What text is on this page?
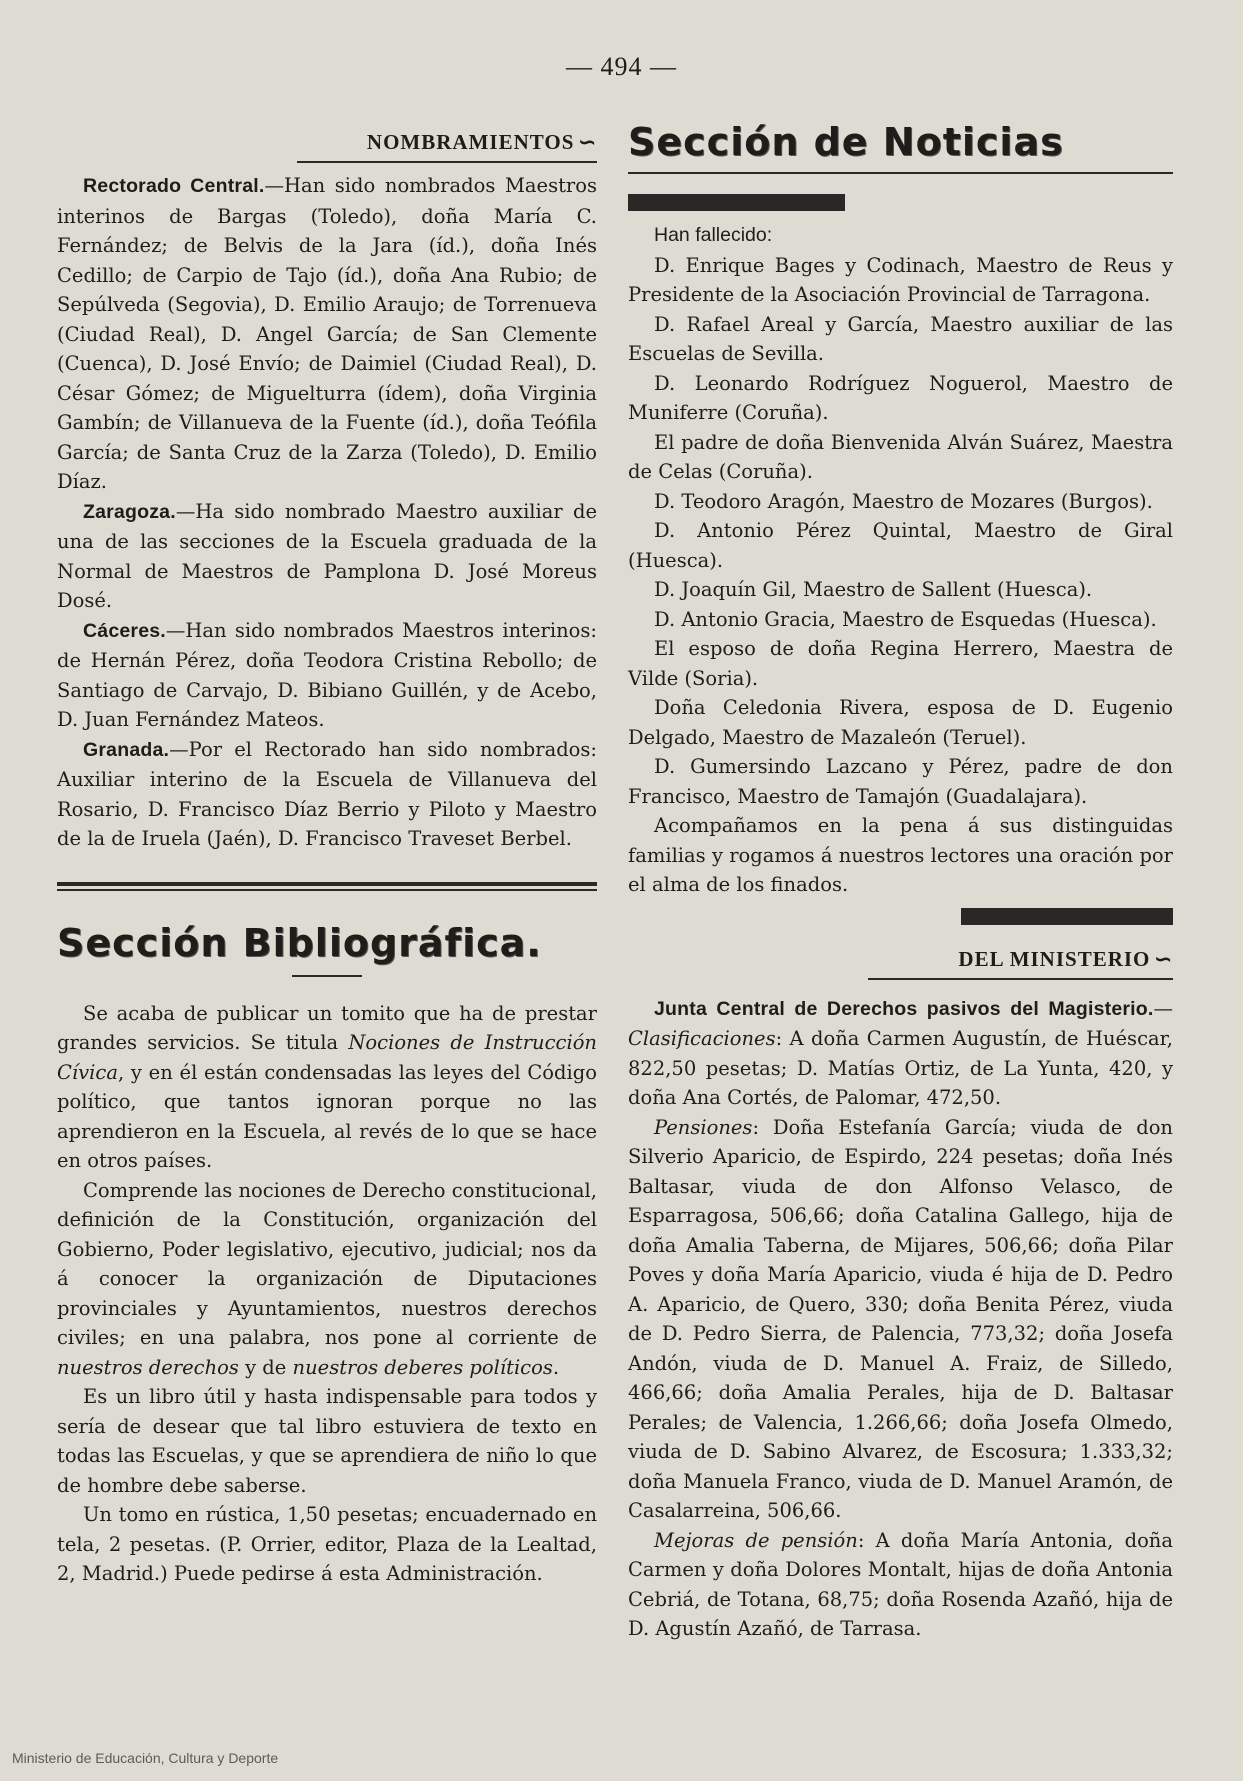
— 494 —
NOMBRAMIENTOS ∽

Rectorado Central.—Han sido nombrados Maestros interinos de Bargas (Toledo), doña María C. Fernández; de Belvis de la Jara (íd.), doña Inés Cedillo; de Carpio de Tajo (íd.), doña Ana Rubio; de Sepúlveda (Segovia), D. Emilio Araujo; de Torrenueva (Ciudad Real), D. Angel García; de San Clemente (Cuenca), D. José Envío; de Daimiel (Ciudad Real), D. César Gómez; de Miguelturra (ídem), doña Virginia Gambín; de Villanueva de la Fuente (íd.), doña Teófila García; de Santa Cruz de la Zarza (Toledo), D. Emilio Díaz.

Zaragoza.—Ha sido nombrado Maestro auxiliar de una de las secciones de la Escuela graduada de la Normal de Maestros de Pamplona D. José Moreus Dosé.

Cáceres.—Han sido nombrados Maestros interinos: de Hernán Pérez, doña Teodora Cristina Rebollo; de Santiago de Carvajo, D. Bibiano Guillén, y de Acebo, D. Juan Fernández Mateos.

Granada.—Por el Rectorado han sido nombrados: Auxiliar interino de la Escuela de Villanueva del Rosario, D. Francisco Díaz Berrio y Piloto y Maestro de la de Iruela (Jaén), D. Francisco Traveset Berbel.

Sección Bibliográfica.

Se acaba de publicar un tomito que ha de prestar grandes servicios. Se titula Nociones de Instrucción Cívica, y en él están condensadas las leyes del Código político, que tantos ignoran porque no las aprendieron en la Escuela, al revés de lo que se hace en otros países.

Comprende las nociones de Derecho constitucional, definición de la Constitución, organización del Gobierno, Poder legislativo, ejecutivo, judicial; nos da á conocer la organización de Diputaciones provinciales y Ayuntamientos, nuestros derechos civiles; en una palabra, nos pone al corriente de nuestros derechos y de nuestros deberes políticos.

Es un libro útil y hasta indispensable para todos y sería de desear que tal libro estuviera de texto en todas las Escuelas, y que se aprendiera de niño lo que de hombre debe saberse.

Un tomo en rústica, 1,50 pesetas; encuadernado en tela, 2 pesetas. (P. Orrier, editor, Plaza de la Lealtad, 2, Madrid.) Puede pedirse á esta Administración.

Sección de Noticias

Han fallecido:

D. Enrique Bages y Codinach, Maestro de Reus y Presidente de la Asociación Provincial de Tarragona.

D. Rafael Areal y García, Maestro auxiliar de las Escuelas de Sevilla.

D. Leonardo Rodríguez Noguerol, Maestro de Muniferre (Coruña).

El padre de doña Bienvenida Alván Suárez, Maestra de Celas (Coruña).

D. Teodoro Aragón, Maestro de Mozares (Burgos).

D. Antonio Pérez Quintal, Maestro de Giral (Huesca).

D. Joaquín Gil, Maestro de Sallent (Huesca).

D. Antonio Gracia, Maestro de Esquedas (Huesca).

El esposo de doña Regina Herrero, Maestra de Vilde (Soria).

Doña Celedonia Rivera, esposa de D. Eugenio Delgado, Maestro de Mazaleón (Teruel).

D. Gumersindo Lazcano y Pérez, padre de don Francisco, Maestro de Tamajón (Guadalajara).

Acompañamos en la pena á sus distinguidas familias y rogamos á nuestros lectores una oración por el alma de los finados.

DEL MINISTERIO ∽

Junta Central de Derechos pasivos del Magisterio.— Clasificaciones: A doña Carmen Augustín, de Huéscar, 822,50 pesetas; D. Matías Ortiz, de La Yunta, 420, y doña Ana Cortés, de Palomar, 472,50.

Pensiones: Doña Estefanía García; viuda de don Silverio Aparicio, de Espirdo, 224 pesetas; doña Inés Baltasar, viuda de don Alfonso Velasco, de Esparragosa, 506,66; doña Catalina Gallego, hija de doña Amalia Taberna, de Mijares, 506,66; doña Pilar Poves y doña María Aparicio, viuda é hija de D. Pedro A. Aparicio, de Quero, 330; doña Benita Pérez, viuda de D. Pedro Sierra, de Palencia, 773,32; doña Josefa Andón, viuda de D. Manuel A. Fraiz, de Silledo, 466,66; doña Amalia Perales, hija de D. Baltasar Perales; de Valencia, 1.266,66; doña Josefa Olmedo, viuda de D. Sabino Alvarez, de Escosura; 1.333,32; doña Manuela Franco, viuda de D. Manuel Aramón, de Casalarreina, 506,66.

Mejoras de pensión: A doña María Antonia, doña Carmen y doña Dolores Montalt, hijas de doña Antonia Cebriá, de Totana, 68,75; doña Rosenda Azañó, hija de D. Agustín Azañó, de Tarrasa.

Ministerio de Educación, Cultura y Deporte
